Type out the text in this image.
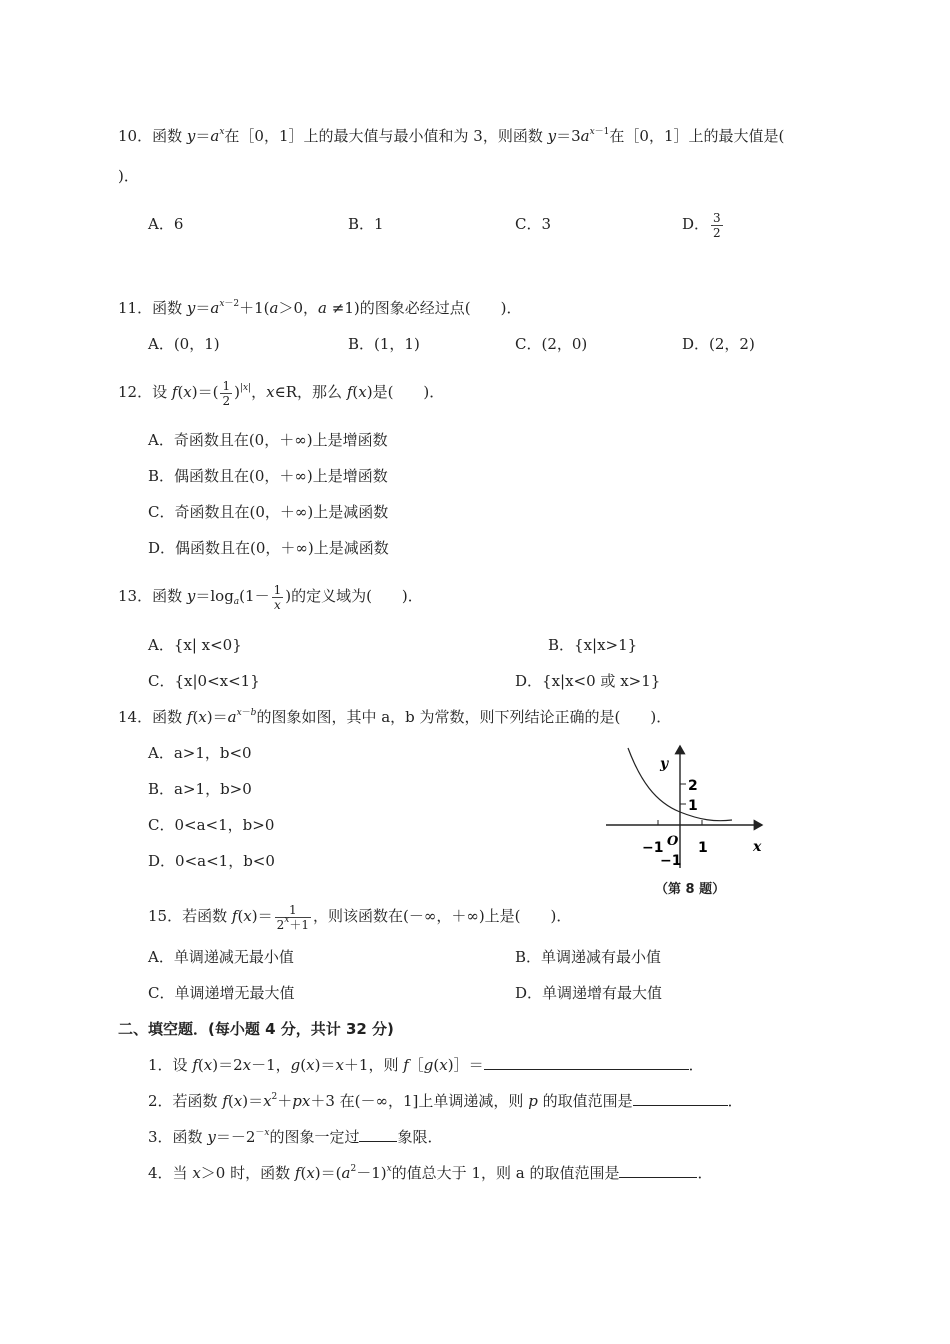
10．函数 $y=a^x$在［0，1］上的最大值与最小值和为 3，则函数 $y=3a^{x-1}$在［0，1］上的最大值是(
)．
A．6	B．1	C．3	D． $\frac{3}{2}$
11．函数 $y=a^{x-2}+1(a>0$，a ≠1)的图象必经过点(　　)．
A．(0，1)	B．(1，1)	C．(2，0)	D．(2，2)
12．设 $f(x)=( \frac{1}{2} )^{|x|}$，x∈R，那么 f(x)是(　　)．
A．奇函数且在(0，＋∞)上是增函数
B．偶函数且在(0，＋∞)上是增函数
C．奇函数且在(0，＋∞)上是减函数
D．偶函数且在(0，＋∞)上是减函数
13．函数 $y=\log_a(1- \frac{1}{x}$ )的定义域为(　　)．
A．{x| x<0}	B．{x|x>1}
C．{x|0<x<1}	D．{x|x<0 或 x>1}
14．函数 $f(x)=a^{x-b}$的图象如图，其中 a，b 为常数，则下列结论正确的是(　　)．
A．a>1，b<0
B．a>1，b>0
C．0<a<1，b>0
D．0<a<1，b<0
y
x
2
1
O
−1 1
−1
（第 8 题）
15．若函数 $f(x)= \frac{1}{2^x+1}$ ，则该函数在(－∞，＋∞)上是(　　)．
A．单调递减无最小值	B．单调递减有最小值
C．单调递增无最大值	D．单调递增有最大值
二、填空题．(每小题 4 分，共计 32 分)
1．设 f(x)＝2x－1，g(x)＝x＋1，则 f［g(x)］＝	．
2．若函数 $f(x)=x^2+px+3$ 在(－∞，1]上单调递减，则 p 的取值范围是	．
3．函数 $y=-2^{-x}$的图象一定过	象限．
4．当 x＞0 时，函数 $f(x)=(a^2-1)^x$的值总大于 1，则 a 的取值范围是	．
